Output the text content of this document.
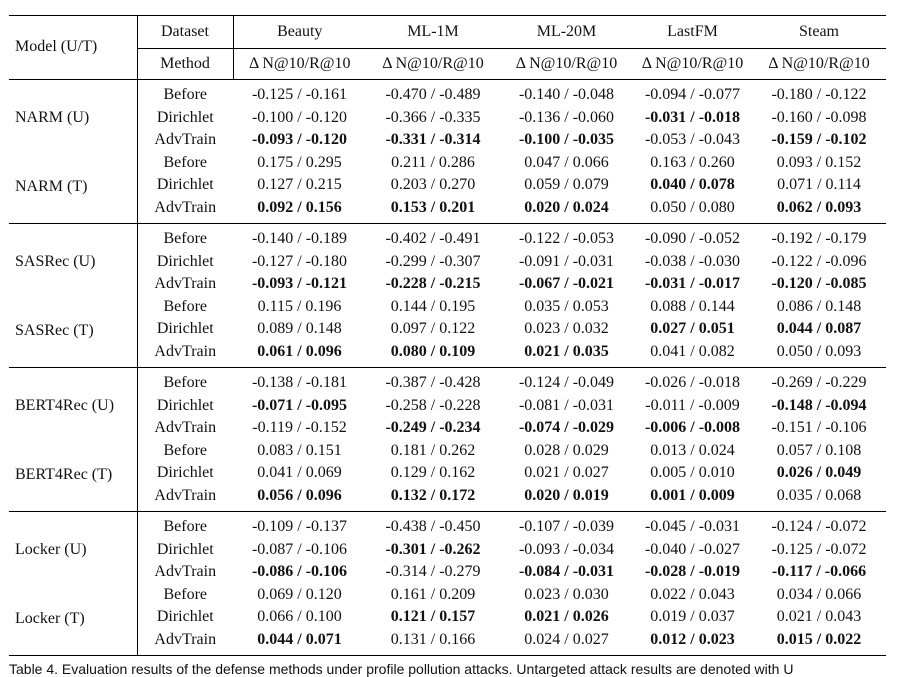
Model (U/T)	Dataset	Beauty	ML-1M	ML-20M	LastFM	Steam
	Method	Δ N@10/R@10	Δ N@10/R@10	Δ N@10/R@10	Δ N@10/R@10	Δ N@10/R@10
NARM (U)	Before	-0.125 / -0.161	-0.470 / -0.489	-0.140 / -0.048	-0.094 / -0.077	-0.180 / -0.122
	Dirichlet	-0.100 / -0.120	-0.366 / -0.335	-0.136 / -0.060	-0.031 / -0.018	-0.160 / -0.098
	AdvTrain	-0.093 / -0.120	-0.331 / -0.314	-0.100 / -0.035	-0.053 / -0.043	-0.159 / -0.102
NARM (T)	Before	0.175 / 0.295	0.211 / 0.286	0.047 / 0.066	0.163 / 0.260	0.093 / 0.152
	Dirichlet	0.127 / 0.215	0.203 / 0.270	0.059 / 0.079	0.040 / 0.078	0.071 / 0.114
	AdvTrain	0.092 / 0.156	0.153 / 0.201	0.020 / 0.024	0.050 / 0.080	0.062 / 0.093
SASRec (U)	Before	-0.140 / -0.189	-0.402 / -0.491	-0.122 / -0.053	-0.090 / -0.052	-0.192 / -0.179
	Dirichlet	-0.127 / -0.180	-0.299 / -0.307	-0.091 / -0.031	-0.038 / -0.030	-0.122 / -0.096
	AdvTrain	-0.093 / -0.121	-0.228 / -0.215	-0.067 / -0.021	-0.031 / -0.017	-0.120 / -0.085
SASRec (T)	Before	0.115 / 0.196	0.144 / 0.195	0.035 / 0.053	0.088 / 0.144	0.086 / 0.148
	Dirichlet	0.089 / 0.148	0.097 / 0.122	0.023 / 0.032	0.027 / 0.051	0.044 / 0.087
	AdvTrain	0.061 / 0.096	0.080 / 0.109	0.021 / 0.035	0.041 / 0.082	0.050 / 0.093
BERT4Rec (U)	Before	-0.138 / -0.181	-0.387 / -0.428	-0.124 / -0.049	-0.026 / -0.018	-0.269 / -0.229
	Dirichlet	-0.071 / -0.095	-0.258 / -0.228	-0.081 / -0.031	-0.011 / -0.009	-0.148 / -0.094
	AdvTrain	-0.119 / -0.152	-0.249 / -0.234	-0.074 / -0.029	-0.006 / -0.008	-0.151 / -0.106
BERT4Rec (T)	Before	0.083 / 0.151	0.181 / 0.262	0.028 / 0.029	0.013 / 0.024	0.057 / 0.108
	Dirichlet	0.041 / 0.069	0.129 / 0.162	0.021 / 0.027	0.005 / 0.010	0.026 / 0.049
	AdvTrain	0.056 / 0.096	0.132 / 0.172	0.020 / 0.019	0.001 / 0.009	0.035 / 0.068
Locker (U)	Before	-0.109 / -0.137	-0.438 / -0.450	-0.107 / -0.039	-0.045 / -0.031	-0.124 / -0.072
	Dirichlet	-0.087 / -0.106	-0.301 / -0.262	-0.093 / -0.034	-0.040 / -0.027	-0.125 / -0.072
	AdvTrain	-0.086 / -0.106	-0.314 / -0.279	-0.084 / -0.031	-0.028 / -0.019	-0.117 / -0.066
Locker (T)	Before	0.069 / 0.120	0.161 / 0.209	0.023 / 0.030	0.022 / 0.043	0.034 / 0.066
	Dirichlet	0.066 / 0.100	0.121 / 0.157	0.021 / 0.026	0.019 / 0.037	0.021 / 0.043
	AdvTrain	0.044 / 0.071	0.131 / 0.166	0.024 / 0.027	0.012 / 0.023	0.015 / 0.022
Table 4. Evaluation results of the defense methods under profile pollution attacks. Untargeted attack results are denoted with U
